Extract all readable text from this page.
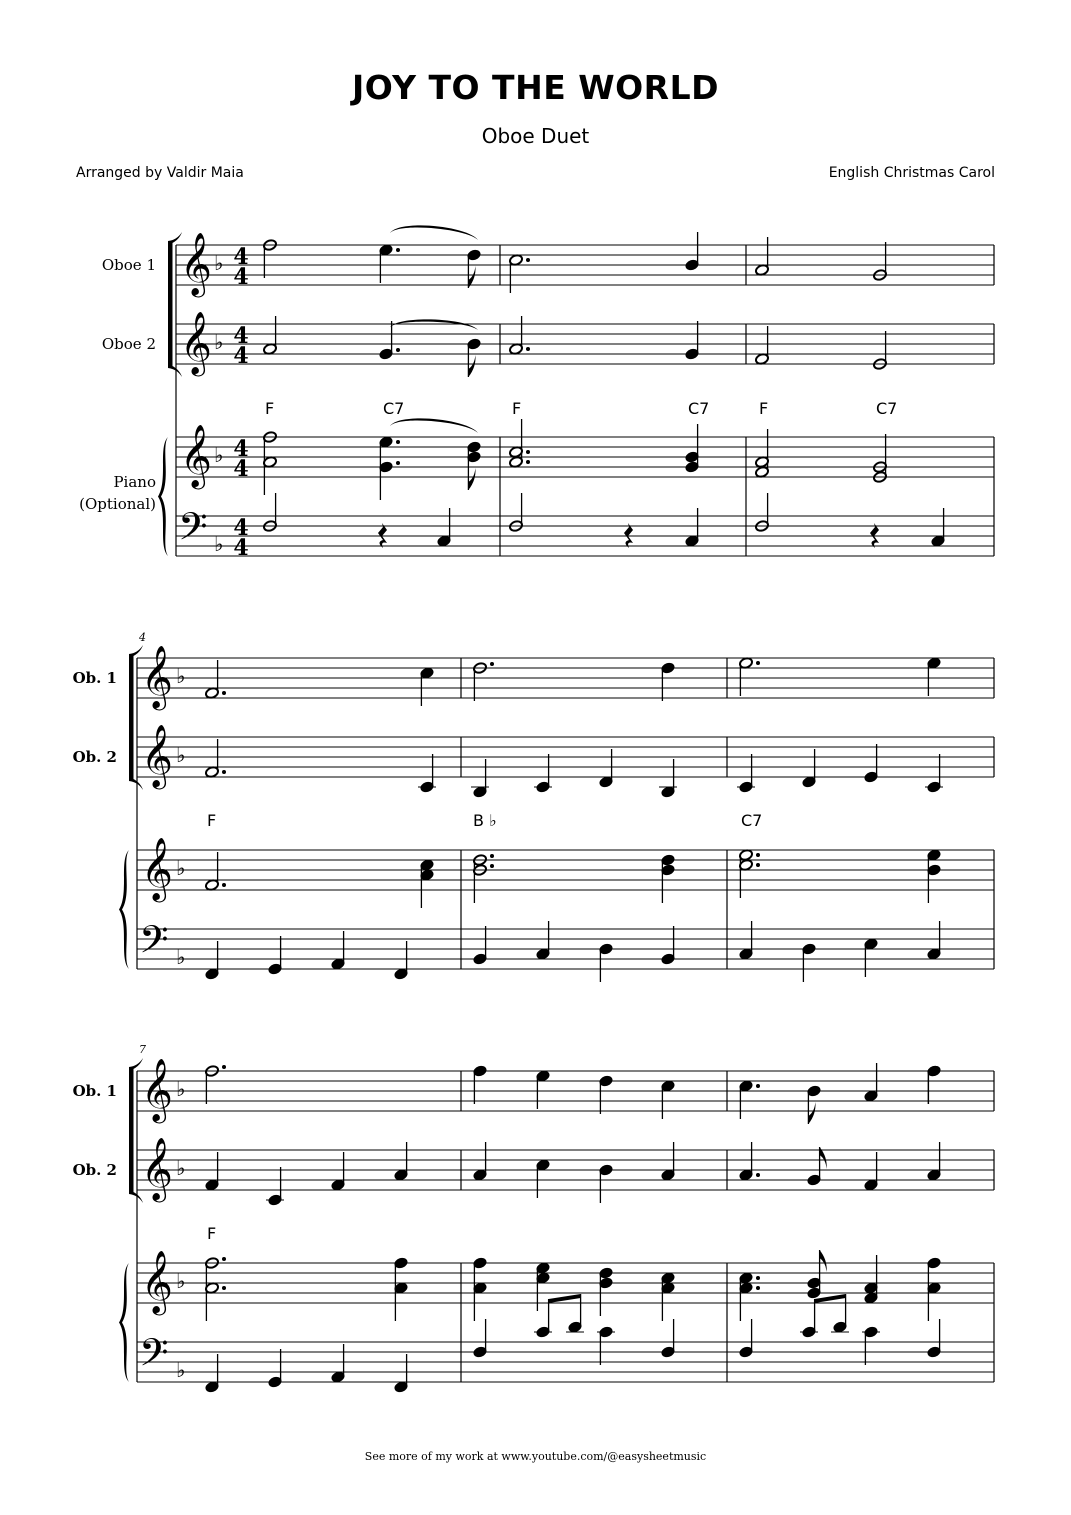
JOY TO THE WORLD
Oboe Duet
Arranged by Valdir Maia	English Christmas Carol
Oboe 1
Oboe 2
Piano
(Optional)
Ob. 1
Ob. 2
Ob. 1
Ob. 2
4
7
F	C7	F	C7	F	C7
F	B ♭	C7
F
𝄞
𝄞
𝄞
𝄢
♭
♭
♭
♭
4
4
4
4
4
4
4
4
𝄞
𝄞
𝄞
𝄢
♭
♭
♭
♭
𝄞
𝄞
𝄞
𝄢
♭
♭
♭
♭
See more of my work at www.youtube.com/@easysheetmusic
